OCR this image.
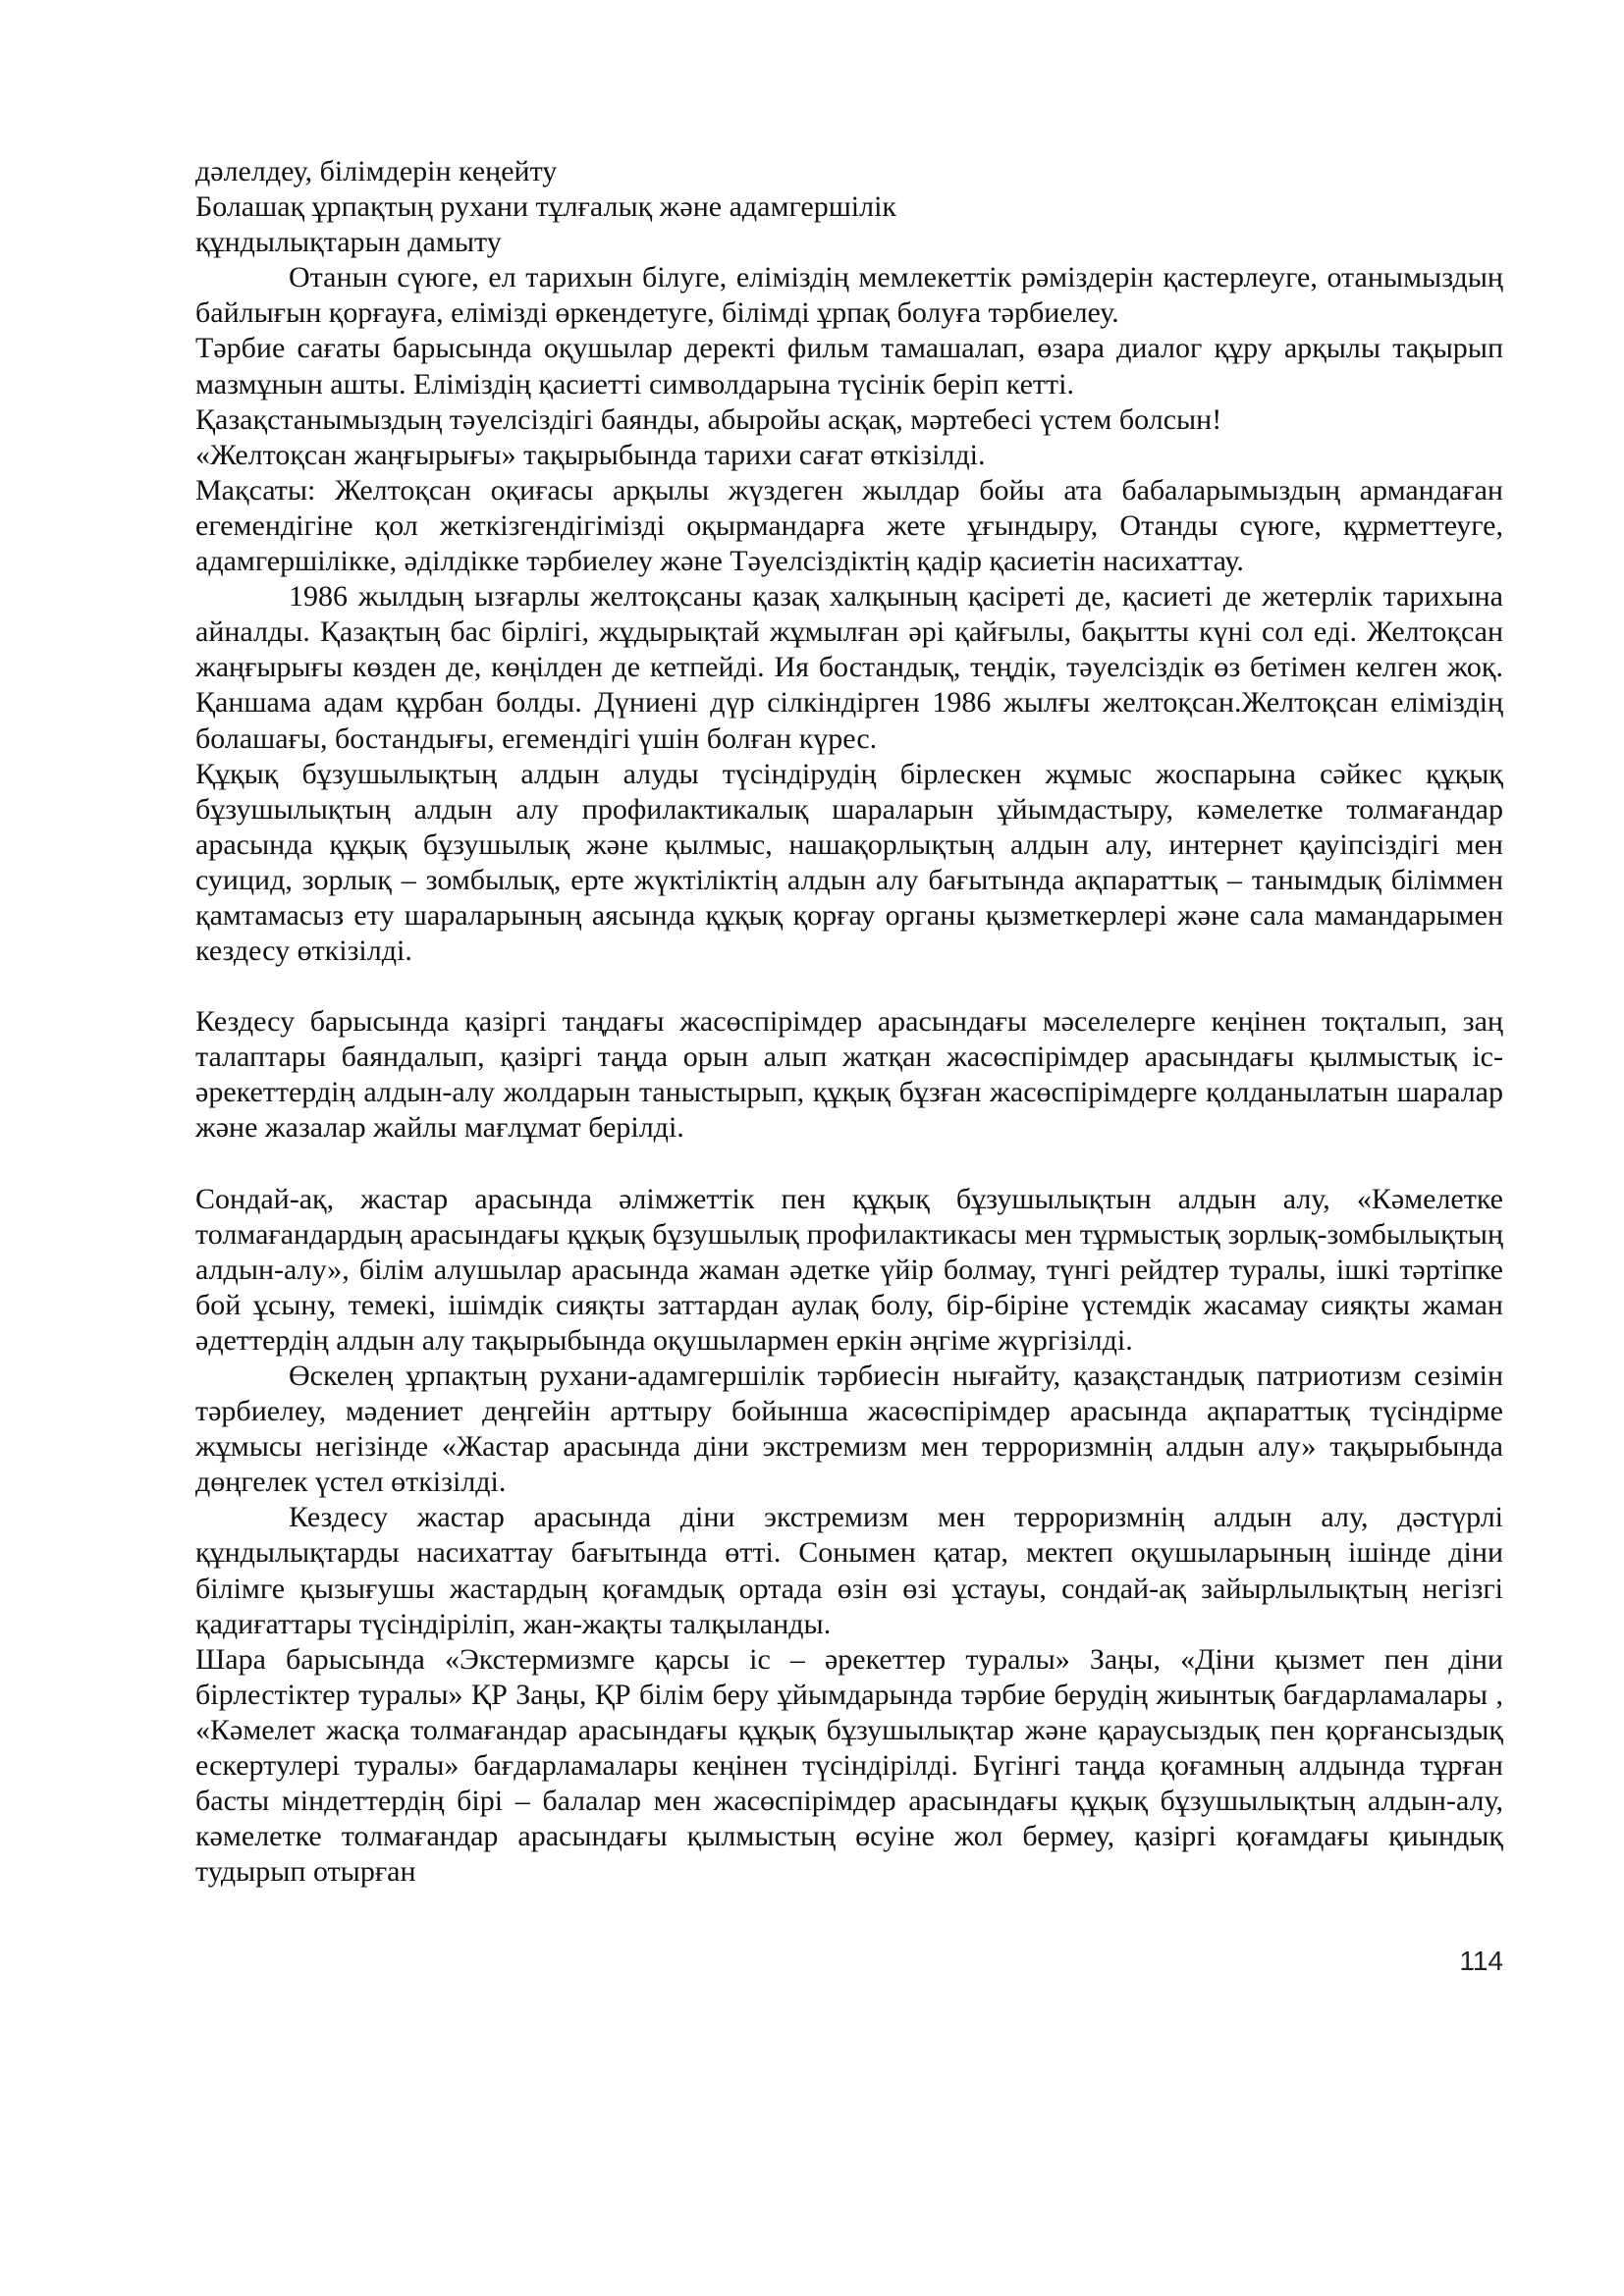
дəлелдеу, білімдерін кеңейту

Болашақ ұрпақтың рухани тұлғалық және адамгершілік

құндылықтарын дамыту

Отанын сүюге, ел тарихын білуге, еліміздің мемлекеттік рəміздерін қастерлеуге, отанымыздың байлығын қорғауға, елімізді өркендетуге, білімді ұрпақ болуға тəрбиелеу.

Тəрбие сағаты барысында оқушылар деректі фильм тамашалап, өзара диалог құру арқылы тақырып мазмұнын ашты. Еліміздің қасиетті символдарына түсінік беріп кетті.

Қазақстанымыздың тəуелсіздігі баянды, абыройы асқақ, мəртебесі үстем болсын!

«Желтоқсан жаңғырығы» тақырыбында тарихи сағат өткізілді.

Мақсаты: Желтоқсан оқиғасы арқылы жүздеген жылдар бойы ата бабаларымыздың армандаған егемендігіне қол жеткізгендігімізді оқырмандарға жете ұғындыру, Отанды сүюге, құрметтеуге, адамгершілікке, əділдікке тəрбиелеу жəне Тəуелсіздіктің қадір қасиетін насихаттау.

1986 жылдың ызғарлы желтоқсаны қазақ халқының қасіреті де, қасиеті де жетерлік тарихына айналды. Қазақтың бас бірлігі, жұдырықтай жұмылған əрі қайғылы, бақытты күні сол еді. Желтоқсан жаңғырығы көзден де, көңілден де кетпейді. Ия бостандық, теңдік, тəуелсіздік өз бетімен келген жоқ. Қаншама адам құрбан болды. Дүниені дүр сілкіндірген 1986 жылғы желтоқсан.Желтоқсан еліміздің болашағы, бостандығы, егемендігі үшін болған күрес.

Құқық бұзушылықтың алдын алуды түсіндірудің бірлескен жұмыс жоспарына сəйкес құқық бұзушылықтың алдын алу профилактикалық шараларын ұйымдастыру, кəмелетке толмағандар арасында құқық бұзушылық жəне қылмыс, нашақорлықтың алдын алу, интернет қауіпсіздігі мен суицид, зорлық – зомбылық, ерте жүктіліктің алдын алу бағытында ақпараттық – танымдық біліммен қамтамасыз ету шараларының аясында құқық қорғау органы қызметкерлері жəне сала мамандарымен кездесу өткізілді.

Кездесу барысында қазіргі таңдағы жасөспірімдер арасындағы мəселелерге кеңінен тоқталып, заң талаптары баяндалып, қазіргі таңда орын алып жатқан жасөспірімдер арасындағы қылмыстық іс-əрекеттердің алдын-алу жолдарын таныстырып, құқық бұзған жасөспірімдерге қолданылатын шаралар жəне жазалар жайлы мағлұмат берілді.

Сондай-ақ, жастар арасында əлімжеттік пен құқық бұзушылықтын алдын алу, «Кəмелетке толмағандардың арасындағы құқық бұзушылық профилактикасы мен тұрмыстық зорлық-зомбылықтың алдын-алу», білім алушылар арасында жаман əдетке үйір болмау, түнгі рейдтер туралы, ішкі тəртіпке бой ұсыну, темекі, ішімдік сияқты заттардан аулақ болу, бір-біріне үстемдік жасамау сияқты жаман əдеттердің алдын алу тақырыбында оқушылармен еркін əңгіме жүргізілді.

Өскелең ұрпақтың рухани-адамгершілік тəрбиесін нығайту, қазақстандық патриотизм сезімін тəрбиелеу, мəдениет деңгейін арттыру бойынша жасөспірімдер арасында ақпараттық түсіндірме жұмысы негізінде «Жастар арасында діни экстремизм мен терроризмнің алдын алу» тақырыбында дөңгелек үстел өткізілді.

Кездесу жастар арасында діни экстремизм мен терроризмнің алдын алу, дəстүрлі құндылықтарды насихаттау бағытында өтті. Сонымен қатар, мектеп оқушыларының ішінде діни білімге қызығушы жастардың қоғамдық ортада өзін өзі ұстауы, сондай-ақ зайырлылықтың негізгі қадиғаттары түсіндіріліп, жан-жақты талқыланды.

Шара барысында «Экстермизмге қарсы іс – əрекеттер туралы» Заңы, «Діни қызмет пен діни бірлестіктер туралы» ҚР Заңы, ҚР білім беру ұйымдарында тəрбие берудің жиынтық бағдарламалары , «Кəмелет жасқа толмағандар арасындағы құқық бұзушылықтар жəне қараусыздық пен қорғансыздық ескертулері туралы» бағдарламалары кеңінен түсіндірілді. Бүгінгі таңда қоғамның алдында тұрған басты міндеттердің бірі – балалар мен жасөспірімдер арасындағы құқық бұзушылықтың алдын-алу, кəмелетке толмағандар арасындағы қылмыстың өсуіне жол бермеу, қазіргі қоғамдағы қиындық тудырып отырған

114
